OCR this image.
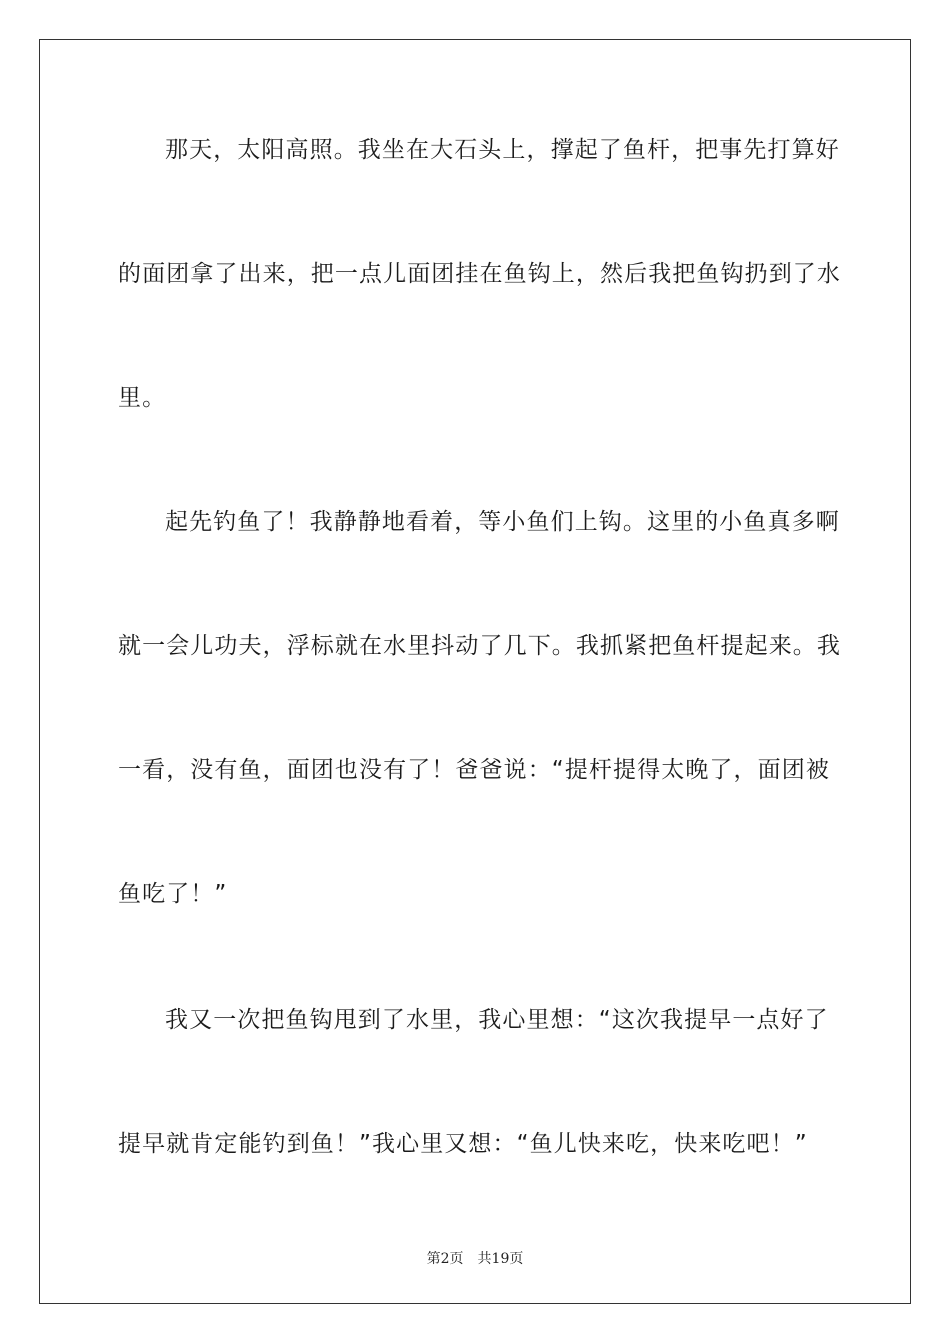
那天，太阳高照。我坐在大石头上，撑起了鱼杆，把事先打算好
的面团拿了出来，把一点儿面团挂在鱼钩上，然后我把鱼钩扔到了水
里。
起先钓鱼了！我静静地看着，等小鱼们上钩。这里的小鱼真多啊
就一会儿功夫，浮标就在水里抖动了几下。我抓紧把鱼杆提起来。我
一看，没有鱼，面团也没有了！爸爸说：“提杆提得太晚了，面团被
鱼吃了！”
我又一次把鱼钩甩到了水里，我心里想：“这次我提早一点好了
提早就肯定能钓到鱼！”我心里又想：“鱼儿快来吃，快来吃吧！”
第2页　共19页
